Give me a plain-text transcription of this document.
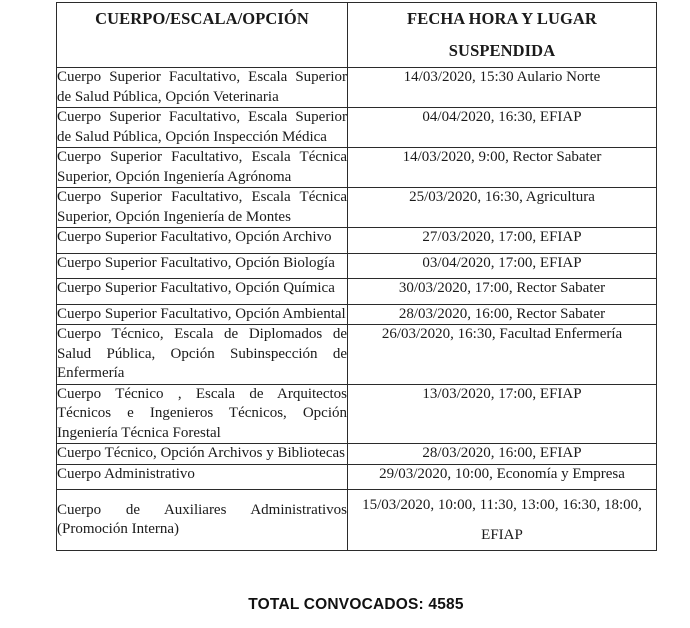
CUERPO/ESCALA/OPCIÓN	FECHA HORA Y LUGAR
SUSPENDIDA

Cuerpo Superior Facultativo, Escala Superior de Salud Pública, Opción Veterinaria	14/03/2020, 15:30 Aulario Norte
Cuerpo Superior Facultativo, Escala Superior de Salud Pública, Opción Inspección Médica	04/04/2020, 16:30, EFIAP
Cuerpo Superior Facultativo, Escala Técnica Superior, Opción Ingeniería Agrónoma	14/03/2020, 9:00, Rector Sabater
Cuerpo Superior Facultativo, Escala Técnica Superior, Opción Ingeniería de Montes	25/03/2020, 16:30, Agricultura
Cuerpo Superior Facultativo, Opción Archivo	27/03/2020, 17:00, EFIAP
Cuerpo Superior Facultativo, Opción Biología	03/04/2020, 17:00, EFIAP
Cuerpo Superior Facultativo, Opción Química	30/03/2020, 17:00, Rector Sabater
Cuerpo Superior Facultativo, Opción Ambiental	28/03/2020, 16:00, Rector Sabater
Cuerpo Técnico, Escala de Diplomados de Salud Pública, Opción Subinspección de Enfermería	26/03/2020, 16:30, Facultad Enfermería
Cuerpo Técnico , Escala de Arquitectos Técnicos e Ingenieros Técnicos, Opción Ingeniería Técnica Forestal	13/03/2020, 17:00, EFIAP
Cuerpo Técnico, Opción Archivos y Bibliotecas	28/03/2020, 16:00, EFIAP
Cuerpo Administrativo	29/03/2020, 10:00, Economía y Empresa
Cuerpo de Auxiliares Administrativos (Promoción Interna)	15/03/2020, 10:00, 11:30, 13:00, 16:30, 18:00, EFIAP
TOTAL CONVOCADOS: 4585
